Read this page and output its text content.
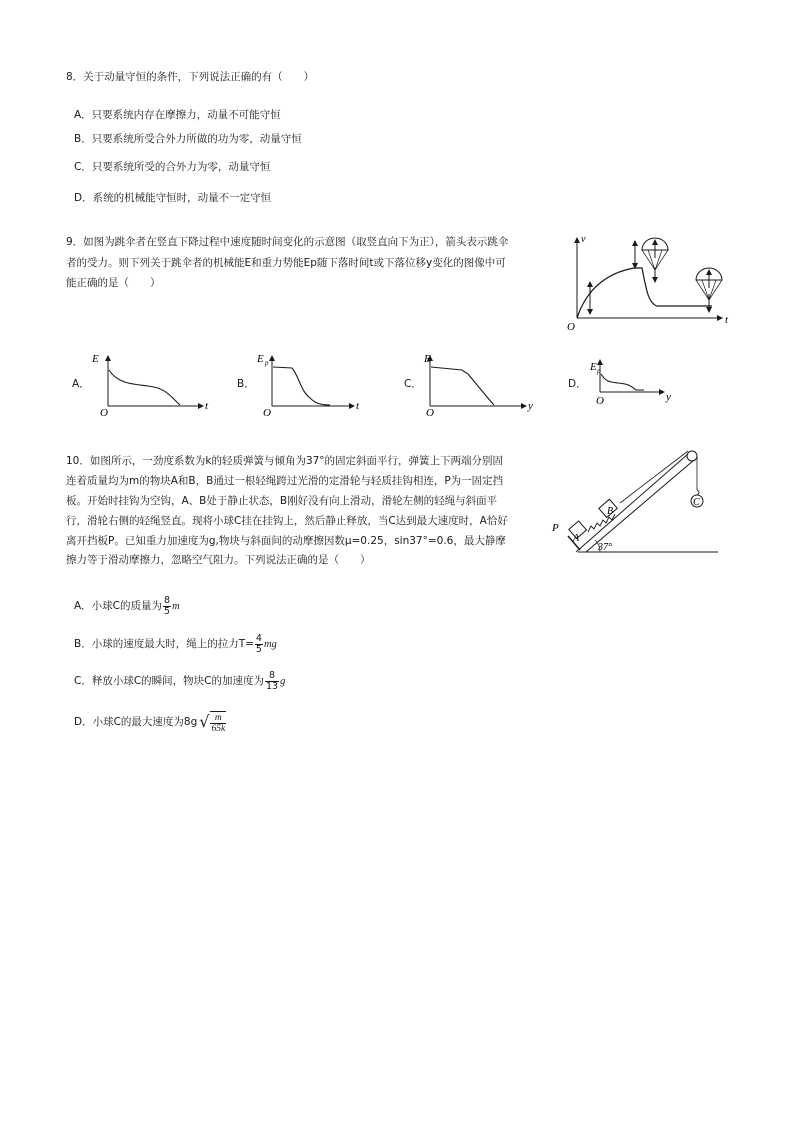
8．关于动量守恒的条件，下列说法正确的有（　　）
A．只要系统内存在摩擦力，动量不可能守恒
B．只要系统所受合外力所做的功为零，动量守恒
C．只要系统所受的合外力为零，动量守恒
D．系统的机械能守恒时，动量不一定守恒
9．如图为跳伞者在竖直下降过程中速度随时间变化的示意图（取竖直向下为正），箭头表示跳伞
者的受力。则下列关于跳伞者的机械能E和重力势能Ep随下落时间t或下落位移y变化的图像中可
能正确的是（　　）
v
t
O
A．
E
t
O
B．
E p
t
O
C．
E
y
O
D．
E p
y
O
10．如图所示，一劲度系数为k的轻质弹簧与倾角为37°的固定斜面平行，弹簧上下两端分别固
连着质量均为m的物块A和B，B通过一根轻绳跨过光滑的定滑轮与轻质挂钩相连，P为一固定挡
板。开始时挂钩为空钩，A、B处于静止状态，B刚好没有向上滑动，滑轮左侧的轻绳与斜面平
行，滑轮右侧的轻绳竖直。现将小球C挂在挂钩上，然后静止释放，当C达到最大速度时，A恰好
离开挡板P。已知重力加速度为g,物块与斜面间的动摩擦因数μ=0.25，sin37°=0.6，最大静摩
擦力等于滑动摩擦力，忽略空气阻力。下列说法正确的是（　　）
37°
P
A
B
C
A．小球C的质量为 $\frac{8}{5}$ m
B．小球的速度最大时，绳上的拉力$T= \frac{4}{5}$ mg
C．释放小球C的瞬间，物块C的加速度为 $\frac{8}{13}$ g
D．小球C的最大速度为8g √ $\frac{m}{65k}$
